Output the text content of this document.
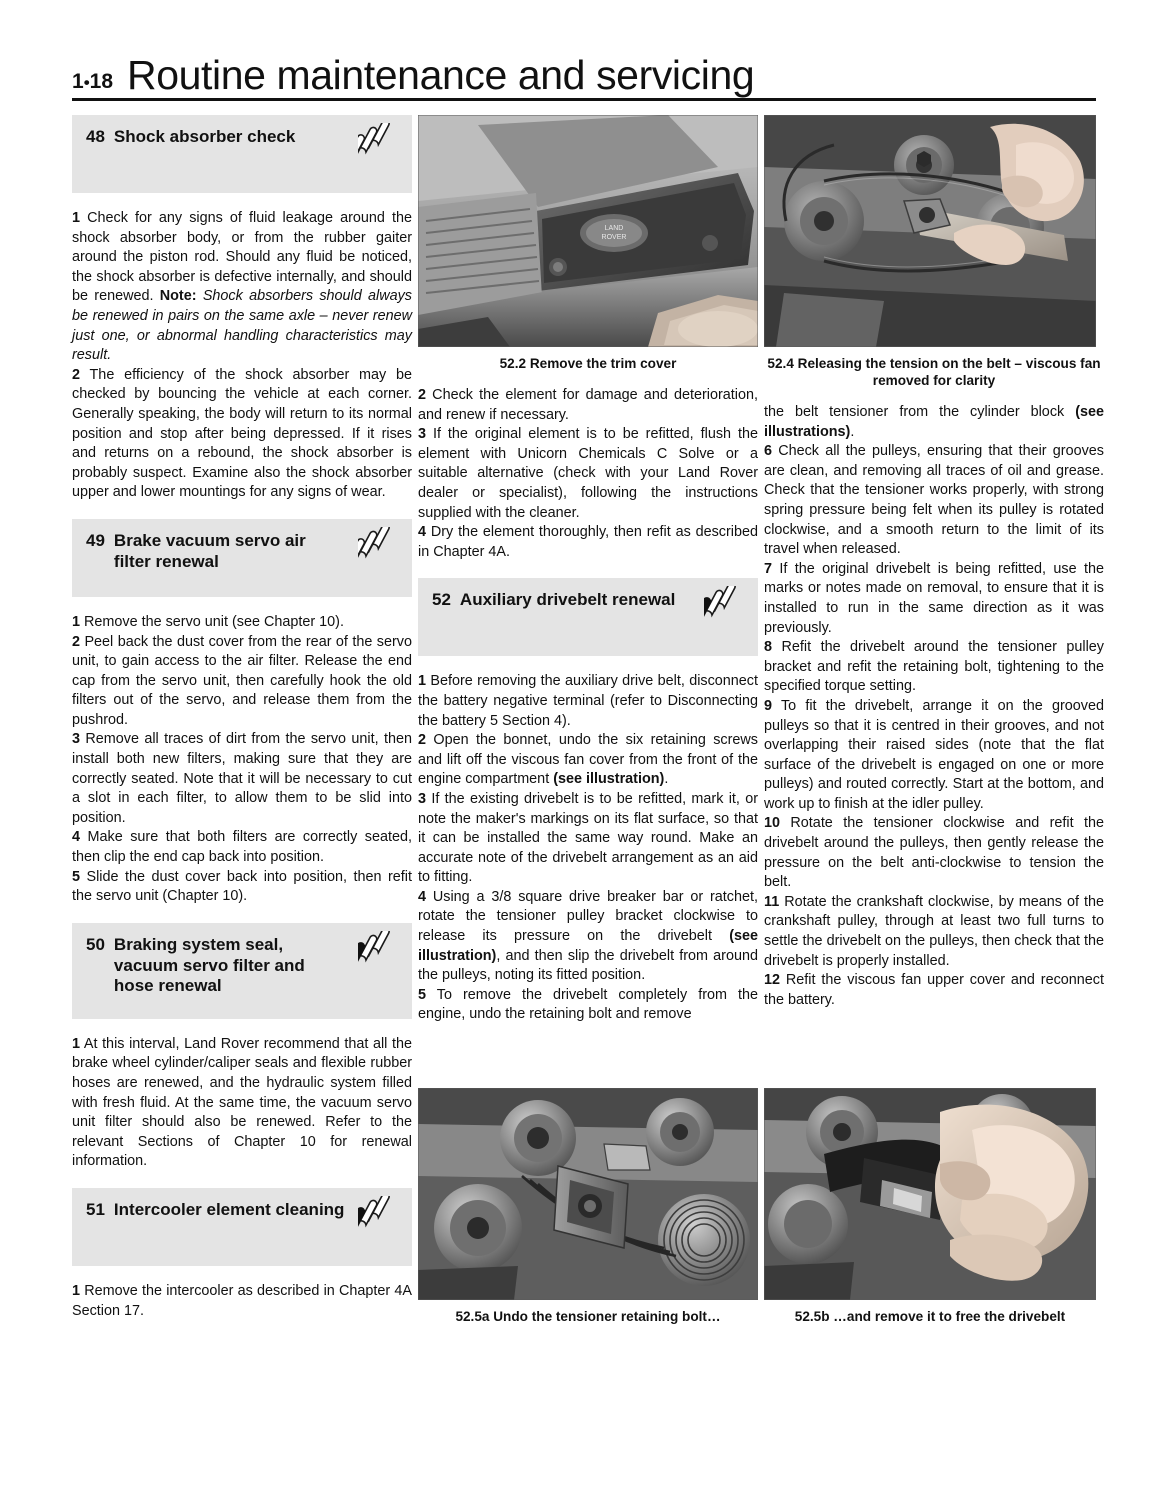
1•18 Routine maintenance and servicing
48 Shock absorber check

1 Check for any signs of fluid leakage around the shock absorber body, or from the rubber gaiter around the piston rod. Should any fluid be noticed, the shock absorber is defective internally, and should be renewed. Note: Shock absorbers should always be renewed in pairs on the same axle – never renew just one, or abnormal handling characteristics may result.

2 The efficiency of the shock absorber may be checked by bouncing the vehicle at each corner. Generally speaking, the body will return to its normal position and stop after being depressed. If it rises and returns on a rebound, the shock absorber is probably suspect. Examine also the shock absorber upper and lower mountings for any signs of wear.

49 Brake vacuum servo air filter renewal

1 Remove the servo unit (see Chapter 10).

2 Peel back the dust cover from the rear of the servo unit, to gain access to the air filter. Release the end cap from the servo unit, then carefully hook the old filters out of the servo, and release them from the pushrod.

3 Remove all traces of dirt from the servo unit, then install both new filters, making sure that they are correctly seated. Note that it will be necessary to cut a slot in each filter, to allow them to be slid into position.

4 Make sure that both filters are correctly seated, then clip the end cap back into position.

5 Slide the dust cover back into position, then refit the servo unit (Chapter 10).

50 Braking system seal, vacuum servo filter and hose renewal

1 At this interval, Land Rover recommend that all the brake wheel cylinder/caliper seals and flexible rubber hoses are renewed, and the hydraulic system filled with fresh fluid. At the same time, the vacuum servo unit filter should also be renewed. Refer to the relevant Sections of Chapter 10 for renewal information.

51 Intercooler element cleaning

1 Remove the intercooler as described in Chapter 4A Section 17.

LAND
ROVER
52.2 Remove the trim cover

2 Check the element for damage and deterioration, and renew if necessary.

3 If the original element is to be refitted, flush the element with Unicorn Chemicals C Solve or a suitable alternative (check with your Land Rover dealer or specialist), following the instructions supplied with the cleaner.

4 Dry the element thoroughly, then refit as described in Chapter 4A.

52 Auxiliary drivebelt renewal

1 Before removing the auxiliary drive belt, disconnect the battery negative terminal (refer to Disconnecting the battery 5 Section 4).

2 Open the bonnet, undo the six retaining screws and lift off the viscous fan cover from the front of the engine compartment (see illustration).

3 If the existing drivebelt is to be refitted, mark it, or note the maker's markings on its flat surface, so that it can be installed the same way round. Make an accurate note of the drivebelt arrangement as an aid to fitting.

4 Using a 3/8 square drive breaker bar or ratchet, rotate the tensioner pulley bracket clockwise to release its pressure on the drivebelt (see illustration), and then slip the drivebelt from around the pulleys, noting its fitted position.

5 To remove the drivebelt completely from the engine, undo the retaining bolt and remove

52.4 Releasing the tension on the belt – viscous fan removed for clarity

the belt tensioner from the cylinder block (see illustrations).

6 Check all the pulleys, ensuring that their grooves are clean, and removing all traces of oil and grease. Check that the tensioner works properly, with strong spring pressure being felt when its pulley is rotated clockwise, and a smooth return to the limit of its travel when released.

7 If the original drivebelt is being refitted, use the marks or notes made on removal, to ensure that it is installed to run in the same direction as it was previously.

8 Refit the drivebelt around the tensioner pulley bracket and refit the retaining bolt, tightening to the specified torque setting.

9 To fit the drivebelt, arrange it on the grooved pulleys so that it is centred in their grooves, and not overlapping their raised sides (note that the flat surface of the drivebelt is engaged on one or more pulleys) and routed correctly. Start at the bottom, and work up to finish at the idler pulley.

10 Rotate the tensioner clockwise and refit the drivebelt around the pulleys, then gently release the pressure on the belt anti-clockwise to tension the belt.

11 Rotate the crankshaft clockwise, by means of the crankshaft pulley, through at least two full turns to settle the drivebelt on the pulleys, then check that the drivebelt is properly installed.

12 Refit the viscous fan upper cover and reconnect the battery.

52.5a Undo the tensioner retaining bolt…	52.5b …and remove it to free the drivebelt
